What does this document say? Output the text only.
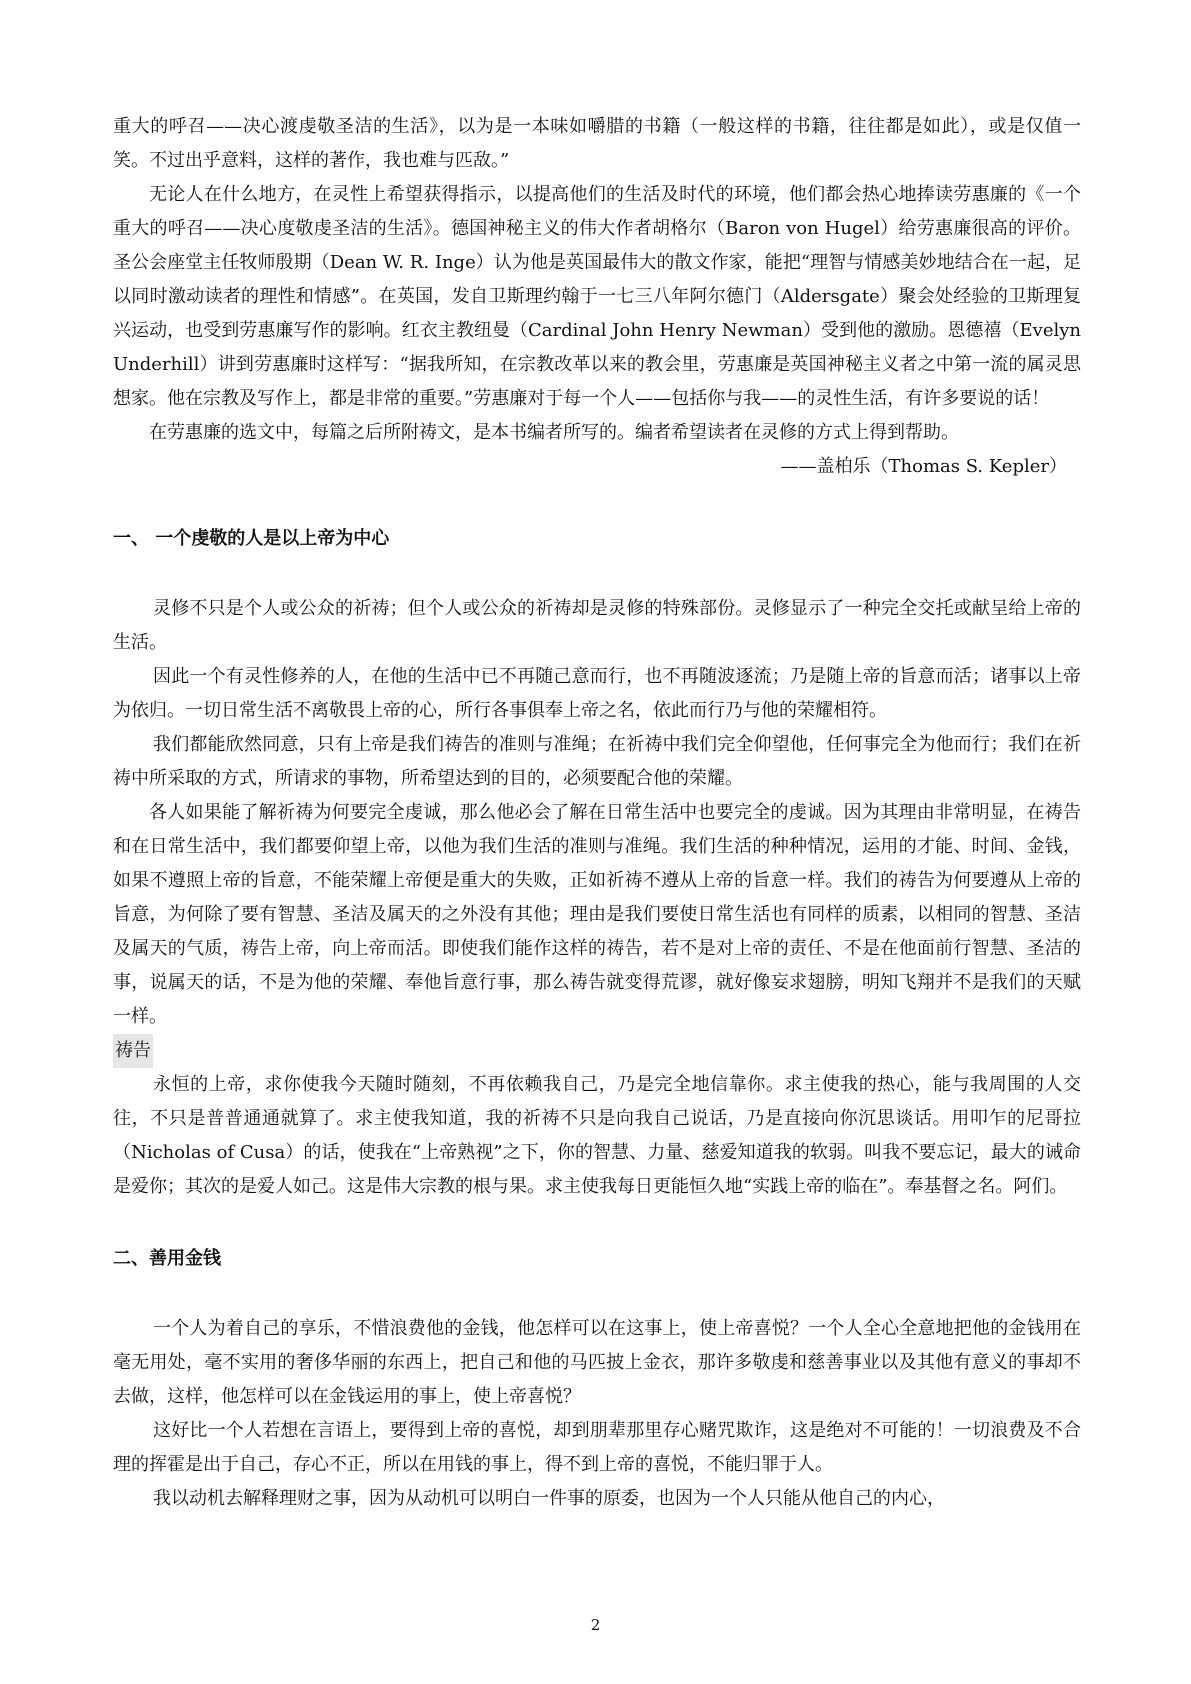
重大的呼召——决心渡虔敬圣洁的生活》，以为是一本味如嚼腊的书籍（一般这样的书籍，往往都是如此），或是仅值一笑。不过出乎意料，这样的著作，我也难与匹敌。”

无论人在什么地方，在灵性上希望获得指示，以提高他们的生活及时代的环境，他们都会热心地捧读劳惠廉的《一个重大的呼召——决心度敬虔圣洁的生活》。德国神秘主义的伟大作者胡格尔（Baron von Hugel）给劳惠廉很高的评价。圣公会座堂主任牧师殷期（Dean W. R. Inge）认为他是英国最伟大的散文作家，能把“理智与情感美妙地结合在一起，足以同时激动读者的理性和情感”。在英国，发自卫斯理约翰于一七三八年阿尔德门（Aldersgate）聚会处经验的卫斯理复兴运动，也受到劳惠廉写作的影响。红衣主教纽曼（Cardinal John Henry Newman）受到他的激励。恩德禧（Evelyn Underhill）讲到劳惠廉时这样写：“据我所知，在宗教改革以来的教会里，劳惠廉是英国神秘主义者之中第一流的属灵思想家。他在宗教及写作上，都是非常的重要。”劳惠廉对于每一个人——包括你与我——的灵性生活，有许多要说的话！

在劳惠廉的选文中，每篇之后所附祷文，是本书编者所写的。编者希望读者在灵修的方式上得到帮助。

——盖柏乐（Thomas S. Kepler）

一、 一个虔敬的人是以上帝为中心

灵修不只是个人或公众的祈祷；但个人或公众的祈祷却是灵修的特殊部份。灵修显示了一种完全交托或献呈给上帝的生活。

因此一个有灵性修养的人，在他的生活中已不再随己意而行，也不再随波逐流；乃是随上帝的旨意而活；诸事以上帝为依归。一切日常生活不离敬畏上帝的心，所行各事俱奉上帝之名，依此而行乃与他的荣耀相符。

我们都能欣然同意，只有上帝是我们祷告的准则与准绳；在祈祷中我们完全仰望他，任何事完全为他而行；我们在祈祷中所采取的方式，所请求的事物，所希望达到的目的，必须要配合他的荣耀。

各人如果能了解祈祷为何要完全虔诚，那么他必会了解在日常生活中也要完全的虔诚。因为其理由非常明显，在祷告和在日常生活中，我们都要仰望上帝，以他为我们生活的准则与准绳。我们生活的种种情况，运用的才能、时间、金钱，如果不遵照上帝的旨意，不能荣耀上帝便是重大的失败，正如祈祷不遵从上帝的旨意一样。我们的祷告为何要遵从上帝的旨意，为何除了要有智慧、圣洁及属天的之外没有其他；理由是我们要使日常生活也有同样的质素，以相同的智慧、圣洁及属天的气质，祷告上帝，向上帝而活。即使我们能作这样的祷告，若不是对上帝的责任、不是在他面前行智慧、圣洁的事，说属天的话，不是为他的荣耀、奉他旨意行事，那么祷告就变得荒谬，就好像妄求翅膀，明知飞翔并不是我们的天赋一样。

祷告

永恒的上帝，求你使我今天随时随刻，不再依赖我自己，乃是完全地信靠你。求主使我的热心，能与我周围的人交往，不只是普普通通就算了。求主使我知道，我的祈祷不只是向我自己说话，乃是直接向你沉思谈话。用叩乍的尼哥拉（Nicholas of Cusa）的话，使我在“上帝熟视”之下，你的智慧、力量、慈爱知道我的软弱。叫我不要忘记，最大的诫命是爱你；其次的是爱人如己。这是伟大宗教的根与果。求主使我每日更能恒久地“实践上帝的临在”。奉基督之名。阿们。

二、善用金钱

一个人为着自己的享乐，不惜浪费他的金钱，他怎样可以在这事上，使上帝喜悦？一个人全心全意地把他的金钱用在毫无用处，毫不实用的奢侈华丽的东西上，把自己和他的马匹披上金衣，那许多敬虔和慈善事业以及其他有意义的事却不去做，这样，他怎样可以在金钱运用的事上，使上帝喜悦？

这好比一个人若想在言语上，要得到上帝的喜悦，却到朋辈那里存心赌咒欺诈，这是绝对不可能的！一切浪费及不合理的挥霍是出于自己，存心不正，所以在用钱的事上，得不到上帝的喜悦，不能归罪于人。

我以动机去解释理财之事，因为从动机可以明白一件事的原委，也因为一个人只能从他自己的内心，

2
